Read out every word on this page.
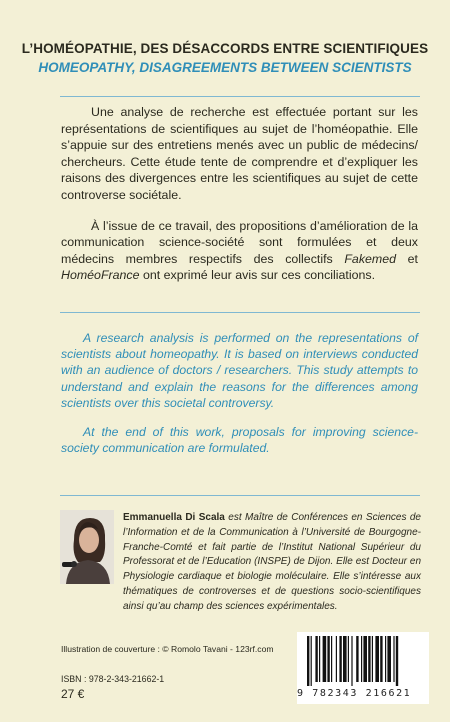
L’HOMÉOPATHIE, DES DÉSACCORDS ENTRE SCIENTIFIQUES
HOMEOPATHY, DISAGREEMENTS BETWEEN SCIENTISTS

Une analyse de recherche est effectuée portant sur les représentations de scientifiques au sujet de l’homéopathie. Elle s’appuie sur des entretiens menés avec un public de médecins/ chercheurs. Cette étude tente de comprendre et d’expliquer les raisons des divergences entre les scientifiques au sujet de cette controverse sociétale.

À l’issue de ce travail, des propositions d’amélioration de la communication science-société sont formulées et deux médecins membres respectifs des collectifs Fakemed et HoméoFrance ont exprimé leur avis sur ces conciliations.

A research analysis is performed on the representations of scientists about homeopathy. It is based on interviews conducted with an audience of doctors / researchers. This study attempts to understand and explain the reasons for the differences among scientists over this societal controversy.

At the end of this work, proposals for improving science-society communication are formulated.

Emmanuella Di Scala est Maître de Conférences en Sciences de l’Information et de la Communication à l’Université de Bourgogne-Franche-Comté et fait partie de l’Institut National Supérieur du Professorat et de l’Education (INSPE) de Dijon. Elle est Docteur en Physiologie cardiaque et biologie moléculaire. Elle s’intéresse aux thématiques de controverses et de questions socio-scientifiques ainsi qu’au champ des sciences expérimentales.
Illustration de couverture : © Romolo Tavani - 123rf.com
ISBN : 978-2-343-21662-1
27 €	9 782343 216621
